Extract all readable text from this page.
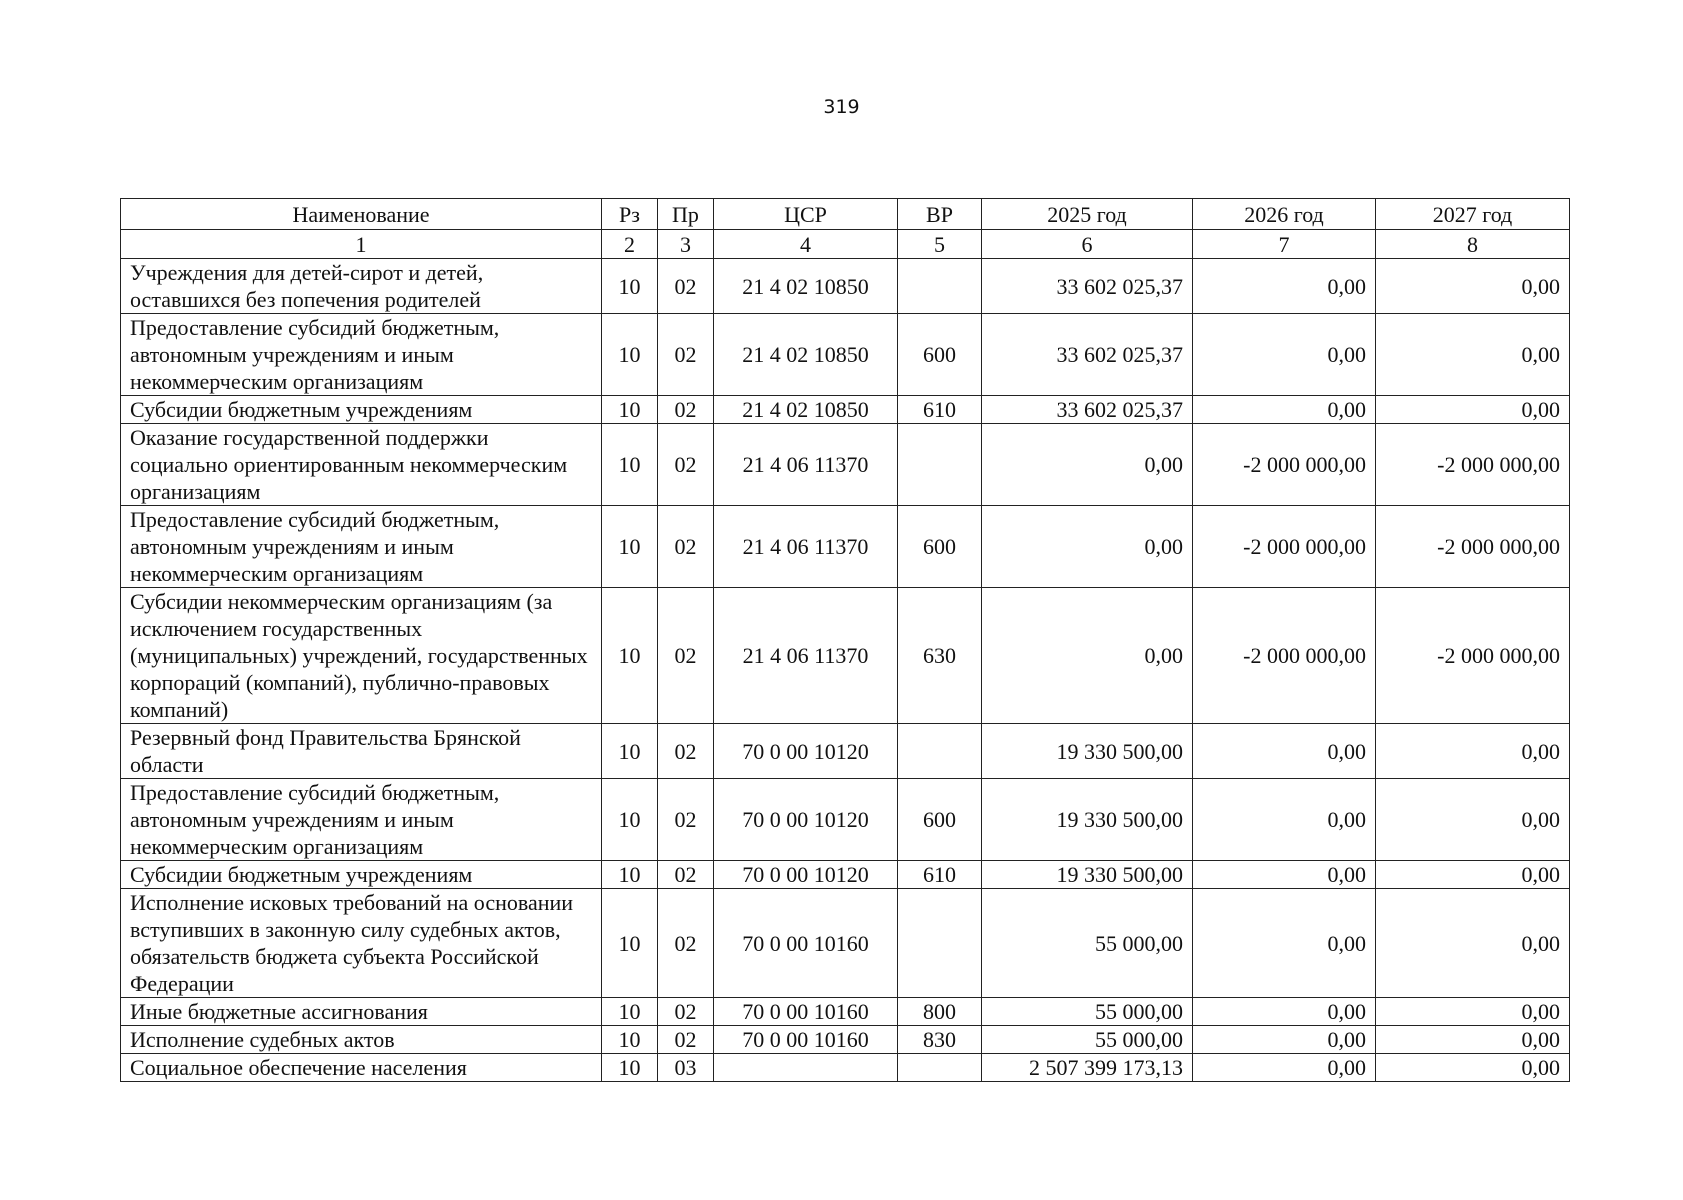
319
Наименование	Рз	Пр	ЦСР	ВР	2025 год	2026 год	2027 год
1	2	3	4	5	6	7	8
Учреждения для детей-сирот и детей, оставшихся без попечения родителей	10	02	21 4 02 10850		33 602 025,37	0,00	0,00
Предоставление субсидий бюджетным, автономным учреждениям и иным некоммерческим организациям	10	02	21 4 02 10850	600	33 602 025,37	0,00	0,00
Субсидии бюджетным учреждениям	10	02	21 4 02 10850	610	33 602 025,37	0,00	0,00
Оказание государственной поддержки социально ориентированным некоммерческим организациям	10	02	21 4 06 11370		0,00	-2 000 000,00	-2 000 000,00
Предоставление субсидий бюджетным, автономным учреждениям и иным некоммерческим организациям	10	02	21 4 06 11370	600	0,00	-2 000 000,00	-2 000 000,00
Субсидии некоммерческим организациям (за исключением государственных (муниципальных) учреждений, государственных корпораций (компаний), публично-правовых компаний)	10	02	21 4 06 11370	630	0,00	-2 000 000,00	-2 000 000,00
Резервный фонд Правительства Брянской области	10	02	70 0 00 10120		19 330 500,00	0,00	0,00
Предоставление субсидий бюджетным, автономным учреждениям и иным некоммерческим организациям	10	02	70 0 00 10120	600	19 330 500,00	0,00	0,00
Субсидии бюджетным учреждениям	10	02	70 0 00 10120	610	19 330 500,00	0,00	0,00
Исполнение исковых требований на основании вступивших в законную силу судебных актов, обязательств бюджета субъекта Российской Федерации	10	02	70 0 00 10160		55 000,00	0,00	0,00
Иные бюджетные ассигнования	10	02	70 0 00 10160	800	55 000,00	0,00	0,00
Исполнение судебных актов	10	02	70 0 00 10160	830	55 000,00	0,00	0,00
Социальное обеспечение населения	10	03			2 507 399 173,13	0,00	0,00
